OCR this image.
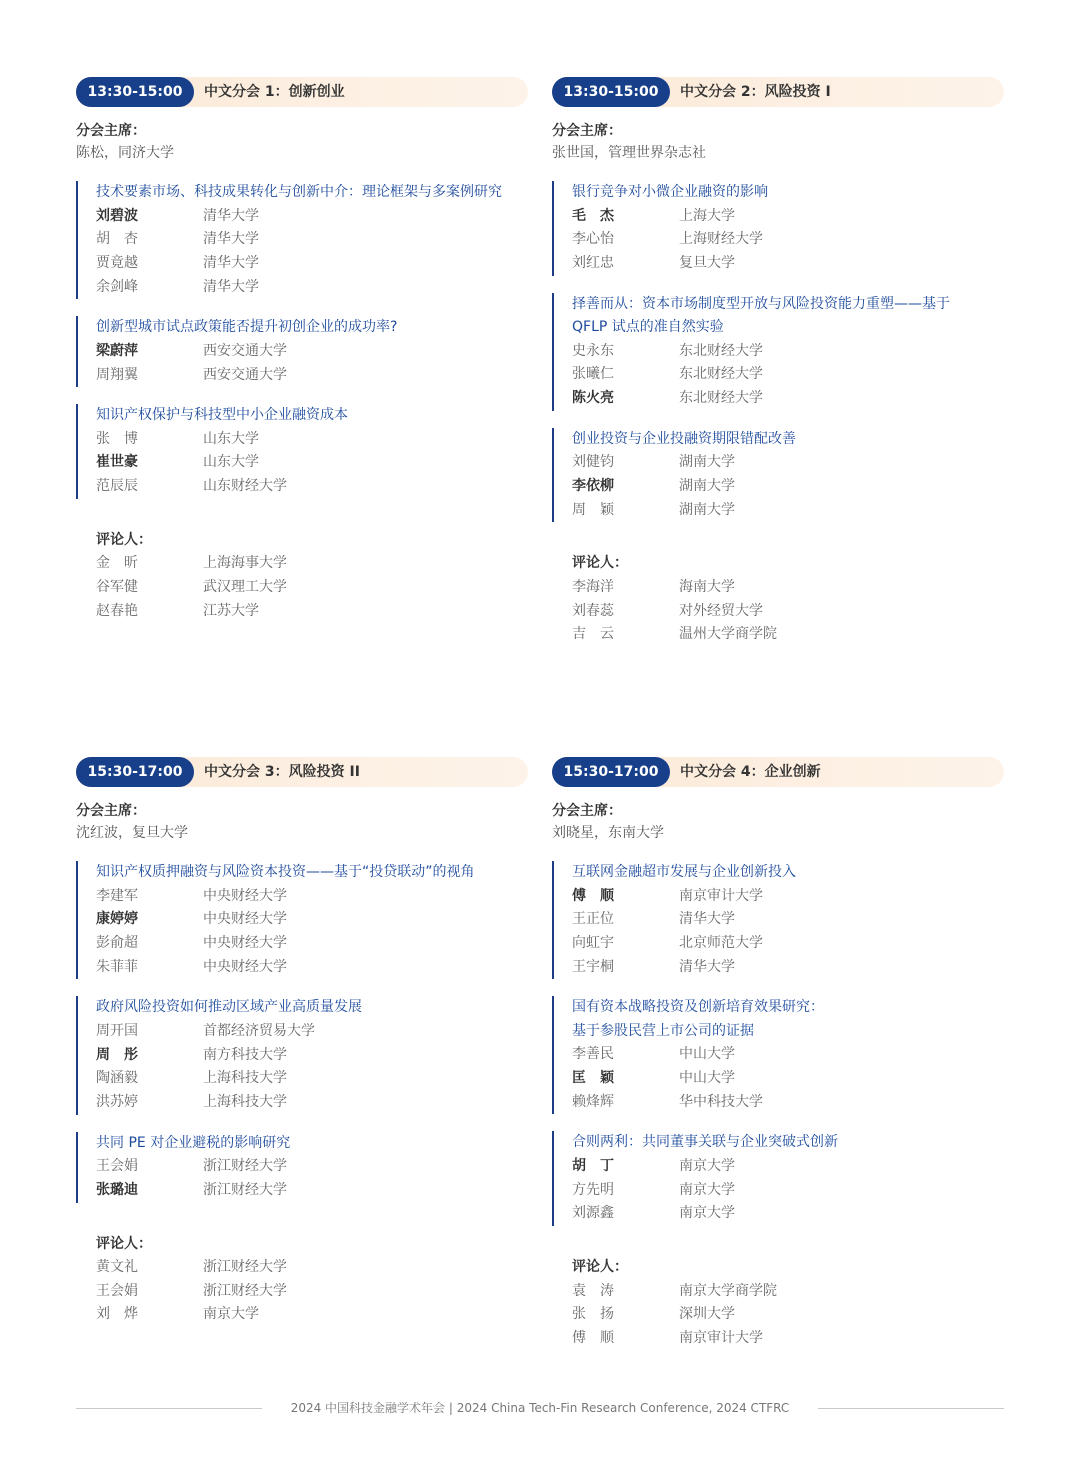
13:30-15:00	中文分会 1：创新创业
分会主席：
陈松，同济大学
技术要素市场、科技成果转化与创新中介：理论框架与多案例研究
刘碧波	清华大学
胡　杏	清华大学
贾竟越	清华大学
余剑峰	清华大学
创新型城市试点政策能否提升初创企业的成功率?
梁蔚萍	西安交通大学
周翔翼	西安交通大学
知识产权保护与科技型中小企业融资成本
张　博	山东大学
崔世豪	山东大学
范辰辰	山东财经大学
评论人：
金　昕	上海海事大学
谷军健	武汉理工大学
赵春艳	江苏大学
13:30-15:00	中文分会 2：风险投资 I
分会主席：
张世国，管理世界杂志社
银行竞争对小微企业融资的影响
毛　杰	上海大学
李心怡	上海财经大学
刘红忠	复旦大学
择善而从：资本市场制度型开放与风险投资能力重塑——基于
QFLP 试点的准自然实验
史永东	东北财经大学
张曦仁	东北财经大学
陈火亮	东北财经大学
创业投资与企业投融资期限错配改善
刘健钧	湖南大学
李依柳	湖南大学
周　颖	湖南大学
评论人：
李海洋	海南大学
刘春蕊	对外经贸大学
吉　云	温州大学商学院
15:30-17:00	中文分会 3：风险投资 II
分会主席：
沈红波，复旦大学
知识产权质押融资与风险资本投资——基于“投贷联动”的视角
李建军	中央财经大学
康婷婷	中央财经大学
彭俞超	中央财经大学
朱菲菲	中央财经大学
政府风险投资如何推动区域产业高质量发展
周开国	首都经济贸易大学
周　彤	南方科技大学
陶涵毅	上海科技大学
洪苏婷	上海科技大学
共同 PE 对企业避税的影响研究
王会娟	浙江财经大学
张璐迪	浙江财经大学
评论人：
黄文礼	浙江财经大学
王会娟	浙江财经大学
刘　烨	南京大学
15:30-17:00	中文分会 4：企业创新
分会主席：
刘晓星，东南大学
互联网金融超市发展与企业创新投入
傅　顺	南京审计大学
王正位	清华大学
向虹宇	北京师范大学
王宇桐	清华大学
国有资本战略投资及创新培育效果研究：
基于参股民营上市公司的证据
李善民	中山大学
匡　颖	中山大学
赖烽辉	华中科技大学
合则两利：共同董事关联与企业突破式创新
胡　丁	南京大学
方先明	南京大学
刘源鑫	南京大学
评论人：
袁　涛	南京大学商学院
张　扬	深圳大学
傅　顺	南京审计大学
2024 中国科技金融学术年会 | 2024 China Tech-Fin Research Conference, 2024 CTFRC
